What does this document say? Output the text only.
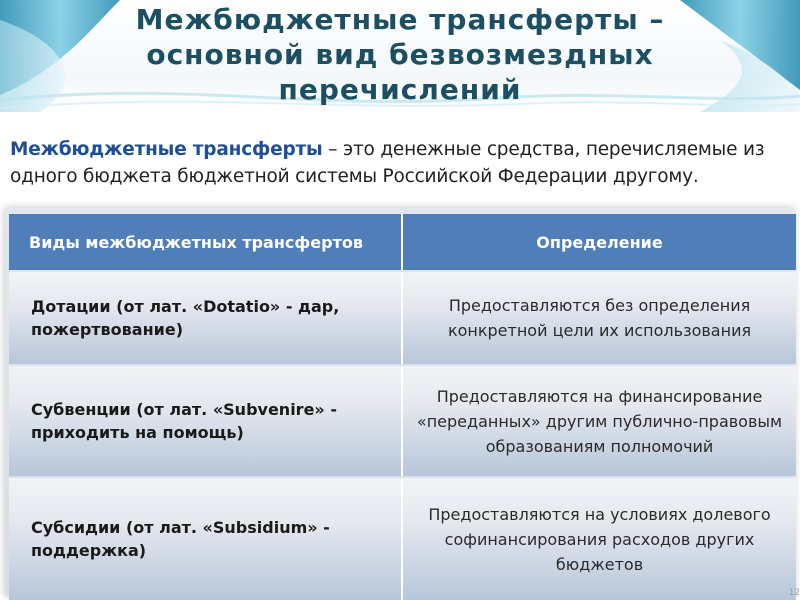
Межбюджетные трансферты –
основной вид безвозмездных
перечислений

Межбюджетные трансферты – это денежные средства, перечисляемые из одного бюджета бюджетной системы Российской Федерации другому.

Виды межбюджетных трансфертов	Определение
Дотации (от лат. «Dotatio» - дар, пожертвование)
Предоставляются без определения конкретной цели их использования
Субвенции (от лат. «Subvenire» - приходить на помощь)
Предоставляются на финансирование «переданных» другим публично-правовым образованиям полномочий
Субсидии (от лат. «Subsidium» - поддержка)
Предоставляются на условиях долевого софинансирования расходов других бюджетов
12
